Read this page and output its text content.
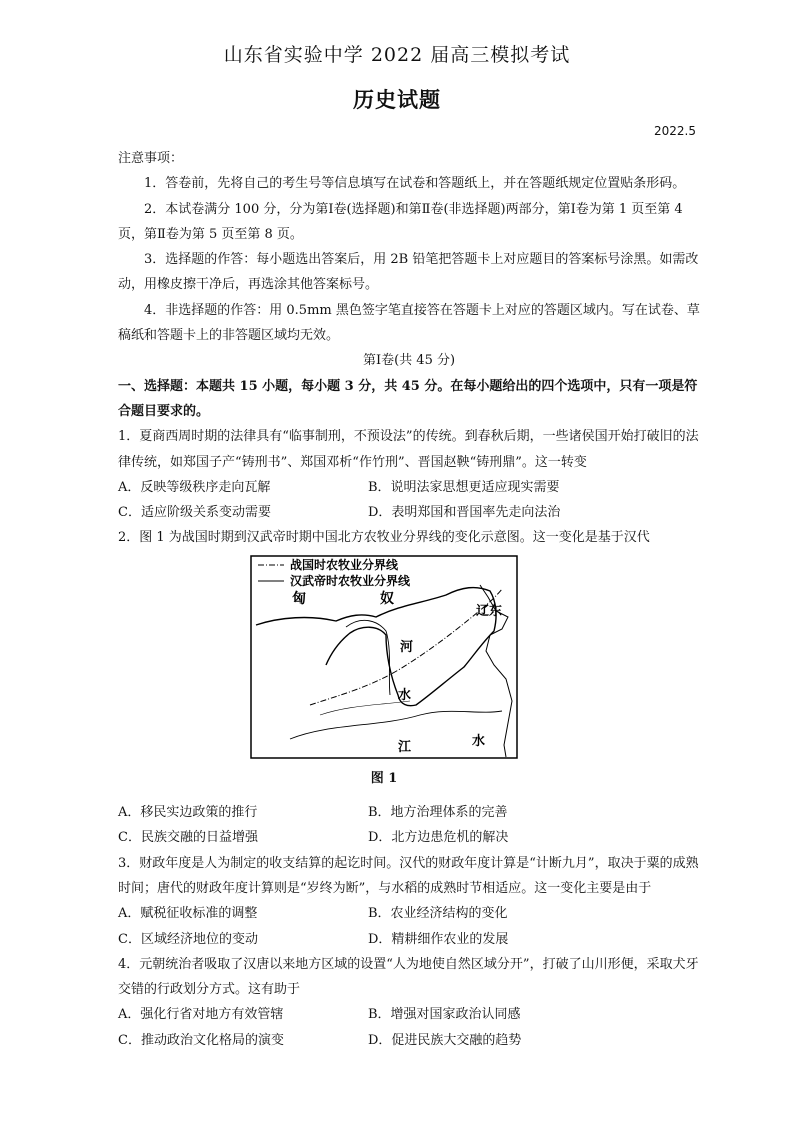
山东省实验中学 2022 届高三模拟考试
历史试题
2022.5

注意事项：

1．答卷前，先将自己的考生号等信息填写在试卷和答题纸上，并在答题纸规定位置贴条形码。

2．本试卷满分 100 分，分为第Ⅰ卷(选择题)和第Ⅱ卷(非选择题)两部分，第Ⅰ卷为第 1 页至第 4 页，第Ⅱ卷为第 5 页至第 8 页。

3．选择题的作答：每小题选出答案后，用 2B 铅笔把答题卡上对应题目的答案标号涂黑。如需改动，用橡皮擦干净后，再选涂其他答案标号。

4．非选择题的作答：用 0.5mm 黑色签字笔直接答在答题卡上对应的答题区域内。写在试卷、草稿纸和答题卡上的非答题区域均无效。

第Ⅰ卷(共 45 分)

一、选择题：本题共 15 小题，每小题 3 分，共 45 分。在每小题给出的四个选项中，只有一项是符合题目要求的。

1．夏商西周时期的法律具有“临事制刑，不预设法”的传统。到春秋后期，一些诸侯国开始打破旧的法律传统，如郑国子产“铸刑书”、郑国邓析“作竹刑”、晋国赵鞅“铸刑鼎”。这一转变

A．反映等级秩序走向瓦解	B．说明法家思想更适应现实需要
C．适应阶级关系变动需要	D．表明郑国和晋国率先走向法治

2．图 1 为战国时期到汉武帝时期中国北方农牧业分界线的变化示意图。这一变化是基于汉代

战国时农牧业分界线
汉武帝时农牧业分界线
匈	奴
辽东
河
水
江	水
图 1
A．移民实边政策的推行	B．地方治理体系的完善
C．民族交融的日益增强	D．北方边患危机的解决

3．财政年度是人为制定的收支结算的起讫时间。汉代的财政年度计算是“计断九月”，取决于粟的成熟时间；唐代的财政年度计算则是“岁终为断”，与水稻的成熟时节相适应。这一变化主要是由于

A．赋税征收标准的调整	B．农业经济结构的变化
C．区域经济地位的变动	D．精耕细作农业的发展

4．元朝统治者吸取了汉唐以来地方区域的设置“人为地使自然区域分开”，打破了山川形便，采取犬牙交错的行政划分方式。这有助于

A．强化行省对地方有效管辖	B．增强对国家政治认同感
C．推动政治文化格局的演变	D．促进民族大交融的趋势
